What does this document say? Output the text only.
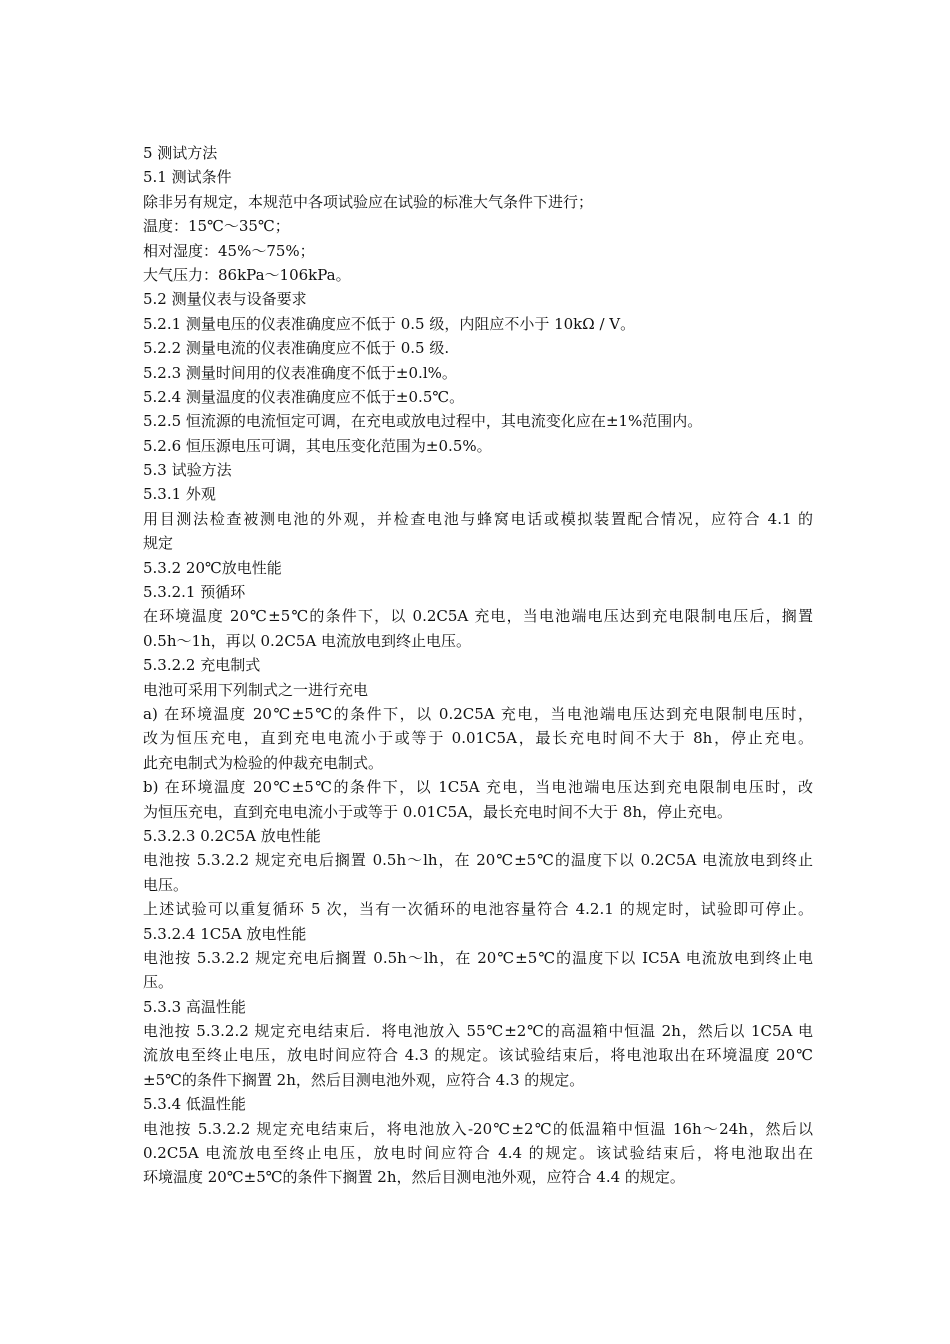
5 测试方法
5.1 测试条件
除非另有规定，本规范中各项试验应在试验的标准大气条件下进行；
温度：15℃～35℃；
相对湿度：45%～75%；
大气压力：86kPa～106kPa。
5.2 测量仪表与设备要求
5.2.1 测量电压的仪表准确度应不低于 0.5 级，内阻应不小于 10kΩ / V。
5.2.2 测量电流的仪表准确度应不低于 0.5 级.
5.2.3 测量时间用的仪表准确度不低于±0.l%。
5.2.4 测量温度的仪表准确度应不低于±0.5℃。
5.2.5 恒流源的电流恒定可调，在充电或放电过程中，其电流变化应在±1%范围内。
5.2.6 恒压源电压可调，其电压变化范围为±0.5%。
5.3 试验方法
5.3.1 外观
用目测法检查被测电池的外观，并检查电池与蜂窝电话或模拟装置配合情况，应符合 4.1 的
规定
5.3.2 20℃放电性能
5.3.2.1 预循环
在环境温度 20℃±5℃的条件下，以 0.2C5A 充电，当电池端电压达到充电限制电压后，搁置
0.5h～1h，再以 0.2C5A 电流放电到终止电压。
5.3.2.2 充电制式
电池可采用下列制式之一进行充电
a) 在环境温度 20℃±5℃的条件下，以 0.2C5A 充电，当电池端电压达到充电限制电压时，
改为恒压充电，直到充电电流小于或等于 0.01C5A，最长充电时间不大于 8h，停止充电。
此充电制式为检验的仲裁充电制式。
b) 在环境温度 20℃±5℃的条件下，以 1C5A 充电，当电池端电压达到充电限制电压时，改
为恒压充电，直到充电电流小于或等于 0.01C5A，最长充电时间不大于 8h，停止充电。
5.3.2.3 0.2C5A 放电性能
电池按 5.3.2.2 规定充电后搁置 0.5h～lh，在 20℃±5℃的温度下以 0.2C5A 电流放电到终止
电压。
上述试验可以重复循环 5 次，当有一次循环的电池容量符合 4.2.1 的规定时，试验即可停止。
5.3.2.4 1C5A 放电性能
电池按 5.3.2.2 规定充电后搁置 0.5h～lh，在 20℃±5℃的温度下以 IC5A 电流放电到终止电
压。
5.3.3 高温性能
电池按 5.3.2.2 规定充电结束后．将电池放入 55℃±2℃的高温箱中恒温 2h，然后以 1C5A 电
流放电至终止电压，放电时间应符合 4.3 的规定。该试验结束后，将电池取出在环境温度 20℃
±5℃的条件下搁置 2h，然后目测电池外观，应符合 4.3 的规定。
5.3.4 低温性能
电池按 5.3.2.2 规定充电结束后，将电池放入-20℃±2℃的低温箱中恒温 16h～24h，然后以
0.2C5A 电流放电至终止电压，放电时间应符合 4.4 的规定。该试验结束后，将电池取出在
环境温度 20℃±5℃的条件下搁置 2h，然后目测电池外观，应符合 4.4 的规定。
